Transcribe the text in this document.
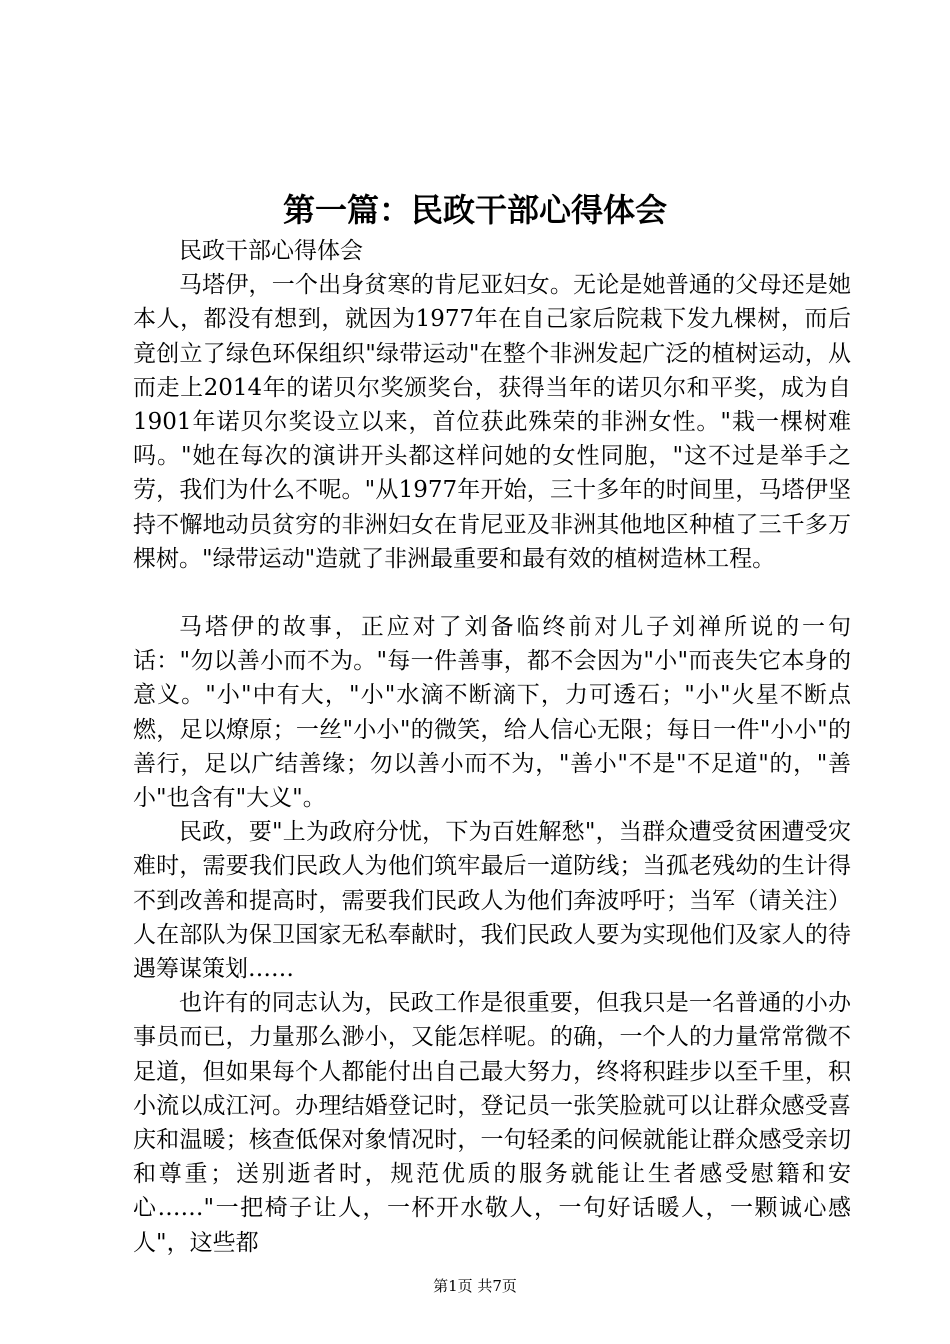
第一篇：民政干部心得体会

民政干部心得体会

马塔伊，一个出身贫寒的肯尼亚妇女。无论是她普通的父母还是她本人，都没有想到，就因为1977年在自己家后院栽下发九棵树，而后竟创立了绿色环保组织"绿带运动"在整个非洲发起广泛的植树运动，从而走上2014年的诺贝尔奖颁奖台，获得当年的诺贝尔和平奖，成为自1901年诺贝尔奖设立以来，首位获此殊荣的非洲女性。"栽一棵树难吗。"她在每次的演讲开头都这样问她的女性同胞，"这不过是举手之劳，我们为什么不呢。"从1977年开始，三十多年的时间里，马塔伊坚持不懈地动员贫穷的非洲妇女在肯尼亚及非洲其他地区种植了三千多万棵树。"绿带运动"造就了非洲最重要和最有效的植树造林工程。

马塔伊的故事，正应对了刘备临终前对儿子刘禅所说的一句话："勿以善小而不为。"每一件善事，都不会因为"小"而丧失它本身的意义。"小"中有大，"小"水滴不断滴下，力可透石；"小"火星不断点燃，足以燎原；一丝"小小"的微笑，给人信心无限；每日一件"小小"的善行，足以广结善缘；勿以善小而不为，"善小"不是"不足道"的，"善小"也含有"大义"。

民政，要"上为政府分忧，下为百姓解愁"，当群众遭受贫困遭受灾难时，需要我们民政人为他们筑牢最后一道防线；当孤老残幼的生计得不到改善和提高时，需要我们民政人为他们奔波呼吁；当军（请关注）人在部队为保卫国家无私奉献时，我们民政人要为实现他们及家人的待遇筹谋策划……

也许有的同志认为，民政工作是很重要，但我只是一名普通的小办事员而已，力量那么渺小，又能怎样呢。的确，一个人的力量常常微不足道，但如果每个人都能付出自己最大努力，终将积跬步以至千里，积小流以成江河。办理结婚登记时，登记员一张笑脸就可以让群众感受喜庆和温暖；核查低保对象情况时，一句轻柔的问候就能让群众感受亲切和尊重；送别逝者时，规范优质的服务就能让生者感受慰籍和安心……"一把椅子让人，一杯开水敬人，一句好话暖人，一颗诚心感人"，这些都

第1页 共7页
